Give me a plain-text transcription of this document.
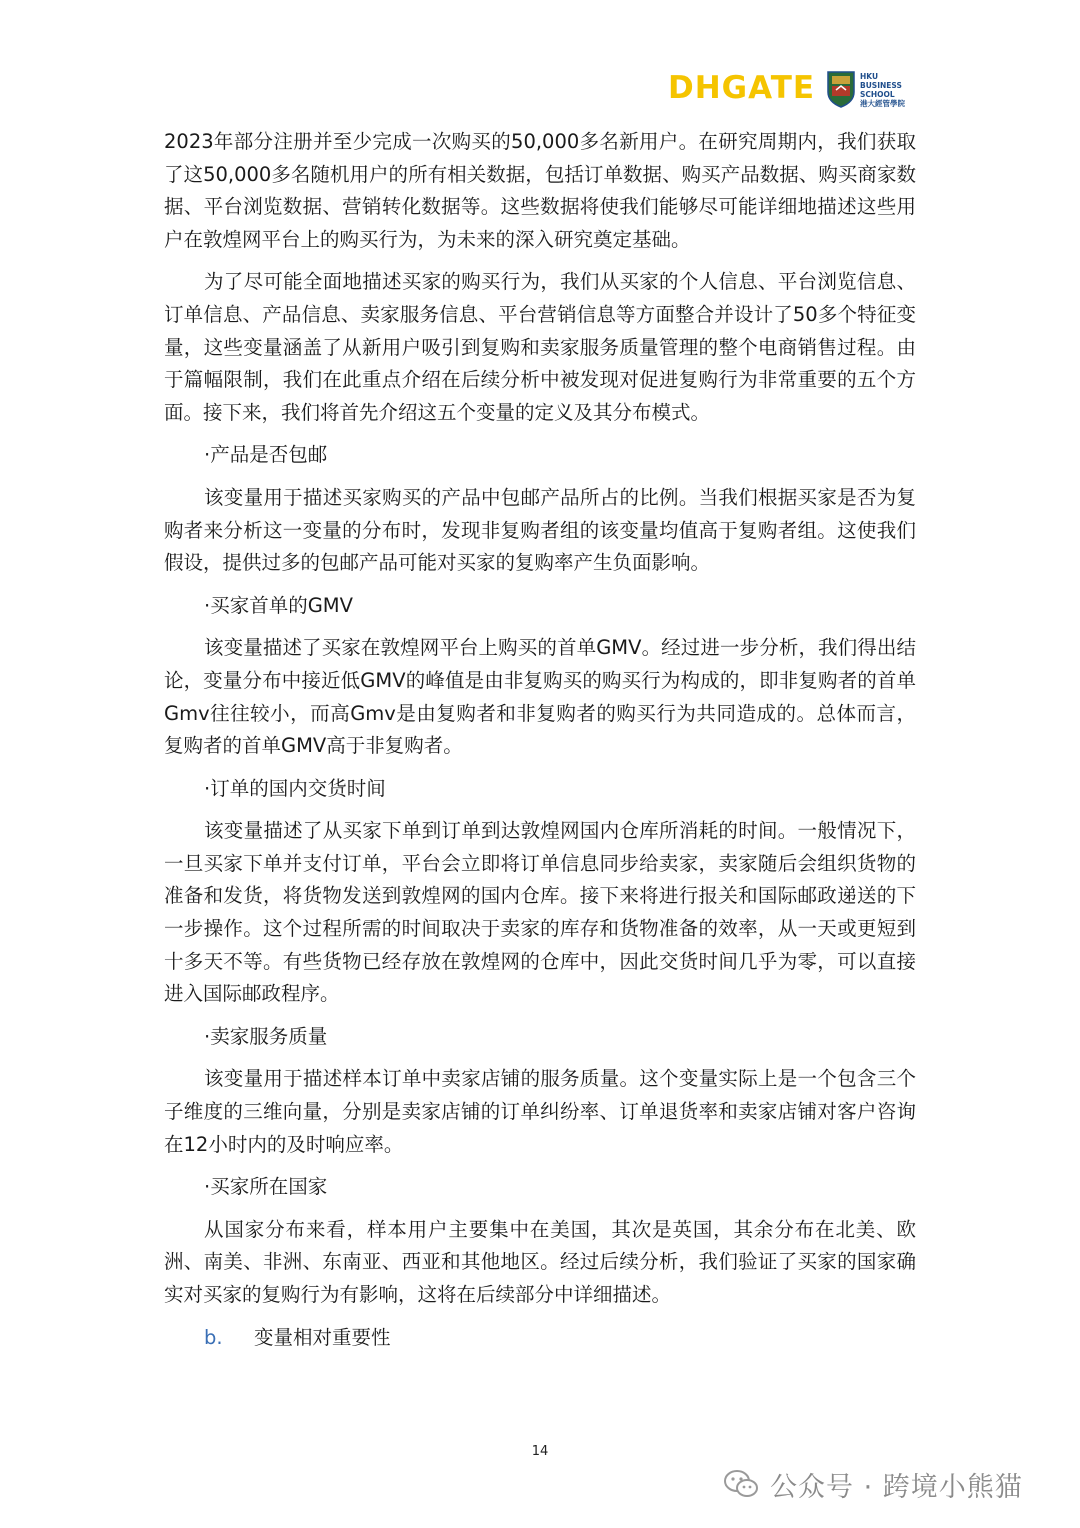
DHGATE	HKU
BUSINESS
SCHOOL
港大經管學院

2023年部分注册并至少完成一次购买的50,000多名新用户。在研究周期内，我们获取了这50,000多名随机用户的所有相关数据，包括订单数据、购买产品数据、购买商家数据、平台浏览数据、营销转化数据等。这些数据将使我们能够尽可能详细地描述这些用户在敦煌网平台上的购买行为，为未来的深入研究奠定基础。

为了尽可能全面地描述买家的购买行为，我们从买家的个人信息、平台浏览信息、订单信息、产品信息、卖家服务信息、平台营销信息等方面整合并设计了50多个特征变量，这些变量涵盖了从新用户吸引到复购和卖家服务质量管理的整个电商销售过程。由于篇幅限制，我们在此重点介绍在后续分析中被发现对促进复购行为非常重要的五个方面。接下来，我们将首先介绍这五个变量的定义及其分布模式。

·产品是否包邮

该变量用于描述买家购买的产品中包邮产品所占的比例。当我们根据买家是否为复购者来分析这一变量的分布时，发现非复购者组的该变量均值高于复购者组。这使我们假设，提供过多的包邮产品可能对买家的复购率产生负面影响。

·买家首单的GMV

该变量描述了买家在敦煌网平台上购买的首单GMV。经过进一步分析，我们得出结论，变量分布中接近低GMV的峰值是由非复购买的购买行为构成的，即非复购者的首单Gmv往往较小，而高Gmv是由复购者和非复购者的购买行为共同造成的。总体而言，复购者的首单GMV高于非复购者。

·订单的国内交货时间

该变量描述了从买家下单到订单到达敦煌网国内仓库所消耗的时间。一般情况下，一旦买家下单并支付订单，平台会立即将订单信息同步给卖家，卖家随后会组织货物的准备和发货，将货物发送到敦煌网的国内仓库。接下来将进行报关和国际邮政递送的下一步操作。这个过程所需的时间取决于卖家的库存和货物准备的效率，从一天或更短到十多天不等。有些货物已经存放在敦煌网的仓库中，因此交货时间几乎为零，可以直接进入国际邮政程序。

·卖家服务质量

该变量用于描述样本订单中卖家店铺的服务质量。这个变量实际上是一个包含三个子维度的三维向量，分别是卖家店铺的订单纠纷率、订单退货率和卖家店铺对客户咨询在12小时内的及时响应率。

·买家所在国家

从国家分布来看，样本用户主要集中在美国，其次是英国，其余分布在北美、欧洲、南美、非洲、东南亚、西亚和其他地区。经过后续分析，我们验证了买家的国家确实对买家的复购行为有影响，这将在后续部分中详细描述。

b. 变量相对重要性

14
公众号 · 跨境小熊猫
